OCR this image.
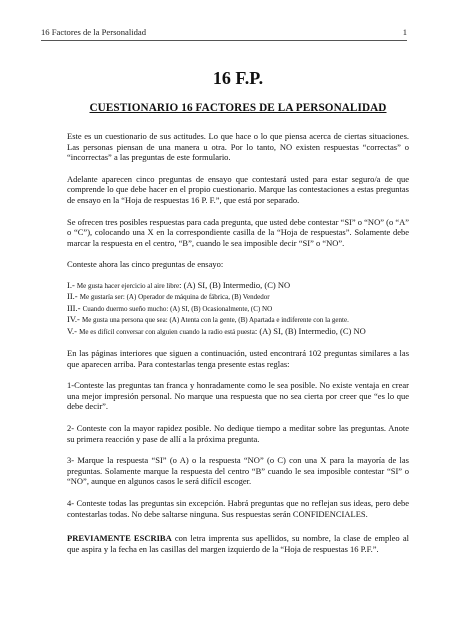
16 Factores de la Personalidad	1
16 F.P.
CUESTIONARIO 16 FACTORES DE LA PERSONALIDAD

Este es un cuestionario de sus actitudes. Lo que hace o lo que piensa acerca de ciertas situaciones. Las personas piensan de una manera u otra. Por lo tanto, NO existen respuestas “correctas” o “incorrectas” a las preguntas de este formulario.

Adelante aparecen cinco preguntas de ensayo que contestará usted para estar seguro/a de que comprende lo que debe hacer en el propio cuestionario. Marque las contestaciones a estas preguntas de ensayo en la “Hoja de respuestas 16 P. F.”, que está por separado.

Se ofrecen tres posibles respuestas para cada pregunta, que usted debe contestar “SI” o “NO” (o “A” o “C”), colocando una X en la correspondiente casilla de la “Hoja de respuestas”. Solamente debe marcar la respuesta en el centro, “B”, cuando le sea imposible decir “SI” o “NO”.

Conteste ahora las cinco preguntas de ensayo:

I.- Me gusta hacer ejercicio al aire libre: (A) SI, (B) Intermedio, (C) NO
II.- Me gustaría ser: (A) Operador de máquina de fábrica, (B) Vendedor
III.- Cuando duermo sueño mucho: (A) SI, (B) Ocasionalmente, (C) NO
IV.- Me gusta una persona que sea: (A) Atenta con la gente, (B) Apartada e indiferente con la gente.
V.- Me es difícil conversar con alguien cuando la radio está puesta: (A) SI, (B) Intermedio, (C) NO

En las páginas interiores que siguen a continuación, usted encontrará 102 preguntas similares a las que aparecen arriba. Para contestarlas tenga presente estas reglas:

1-Conteste las preguntas tan franca y honradamente como le sea posible. No existe ventaja en crear una mejor impresión personal. No marque una respuesta que no sea cierta por creer que “es lo que debe decir”.

2- Conteste con la mayor rapidez posible. No dedique tiempo a meditar sobre las preguntas. Anote su primera reacción y pase de allí a la próxima pregunta.

3- Marque la respuesta “SI” (o A) o la respuesta “NO” (o C) con una X para la mayoría de las preguntas. Solamente marque la respuesta del centro “B” cuando le sea imposible contestar “SI” o “NO”, aunque en algunos casos le será difícil escoger.

4- Conteste todas las preguntas sin excepción. Habrá preguntas que no reflejan sus ideas, pero debe contestarlas todas. No debe saltarse ninguna. Sus respuestas serán CONFIDENCIALES.

PREVIAMENTE ESCRIBA con letra imprenta sus apellidos, su nombre, la clase de empleo al que aspira y la fecha en las casillas del margen izquierdo de la “Hoja de respuestas 16 P.F.”.
